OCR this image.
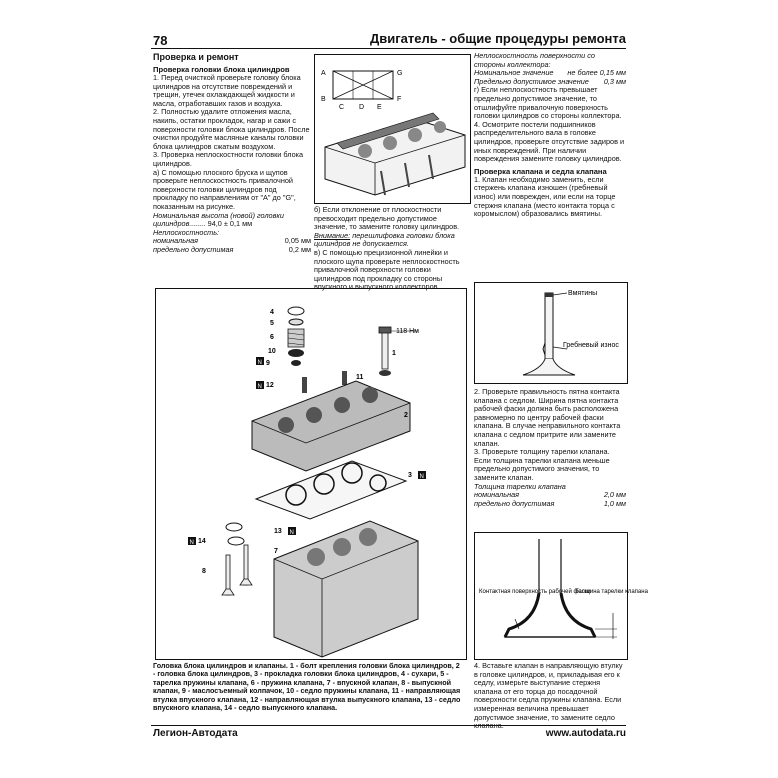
78	Двигатель - общие процедуры ремонта
Легион-Автодата	www.autodata.ru
Проверка и ремонт
Проверка головки блока цилиндров

1. Перед очисткой проверьте головку блока цилиндров на отсутствие повреждений и трещин, утечек охлаждающей жидкости и масла, отработавших газов и воздуха.

2. Полностью удалите отложения масла, накипь, остатки прокладок, нагар и сажи с поверхности головки блока цилиндров. После очистки продуйте масляные каналы головки блока цилиндров сжатым воздухом.

3. Проверка неплоскостности головки блока цилиндров.

а) С помощью плоского бруска и щупов проверьте неплоскостность привалочной поверхности головки цилиндров под прокладку по направлениям от "A" до "G", показанным на рисунке.

Номинальная высота (новой) головки цилиндров........ 94,0 ± 0,1 мм

Неплоскостность:

номинальная	0,05 мм
предельно допустимая	0,2 мм
A
B
C D E
F
G

б) Если отклонение от плоскостности превосходит предельно допустимое значение, то замените головку цилиндров.

Внимание: перешлифовка головки блока цилиндров не допускается.

в) С помощью прецизионной линейки и плоского щупа проверьте неплоскостность привалочной поверхности головки цилиндров под прокладку со стороны впускного и выпускного коллекторов.

Неплоскостность поверхности со стороны коллектора:

Номинальное значение не более 0,15 мм
Предельно допустимое значение 0,3 мм

г) Если неплоскостность превышает предельно допустимое значение, то отшлифуйте привалочную поверхность головки цилиндров со стороны коллектора.

4. Осмотрите постели подшипников распределительного вала в головке цилиндров, проверьте отсутствие задиров и иных повреждений. При наличии повреждения замените головку цилиндров.

Проверка клапана и седла клапана

1. Клапан необходимо заменить, если стержень клапана изношен (гребневый износ) или поврежден, или если на торце стержня клапана (место контакта торца с коромыслом) образовались вмятины.

Вмятины
Гребневый износ

2. Проверьте правильность пятна контакта клапана с седлом. Ширина пятна контакта рабочей фаски должна быть расположена равномерно по центру рабочей фаски клапана. В случае неправильного контакта клапана с седлом притрите или замените клапан.

3. Проверьте толщину тарелки клапана. Если толщина тарелки клапана меньше предельно допустимого значения, то замените клапан.

Толщина тарелки клапана

номинальная	2,0 мм
предельно допустимая	1,0 мм
Контактная поверхность рабочей фаски
Толщина тарелки клапана

4. Вставьте клапан в направляющую втулку в головке цилиндров, и, прикладывая его к седлу, измерьте выступание стержня клапана от его торца до посадочной поверхности седла пружины клапана. Если измеренная величина превышает допустимое значение, то замените седло клапана.

118 Нм
1
2
3
4
5
6
7
8
9
10
11
12
13
14
N
N
N
N
N
Головка блока цилиндров и клапаны. 1 - болт крепления головки блока цилиндров, 2 - головка блока цилиндров, 3 - прокладка головки блока цилиндров, 4 - сухари, 5 - тарелка пружины клапана, 6 - пружина клапана, 7 - впускной клапан, 8 - выпускной клапан, 9 - маслосъемный колпачок, 10 - седло пружины клапана, 11 - направляющая втулка впускного клапана, 12 - направляющая втулка выпускного клапана, 13 - седло впускного клапана, 14 - седло выпускного клапана.
